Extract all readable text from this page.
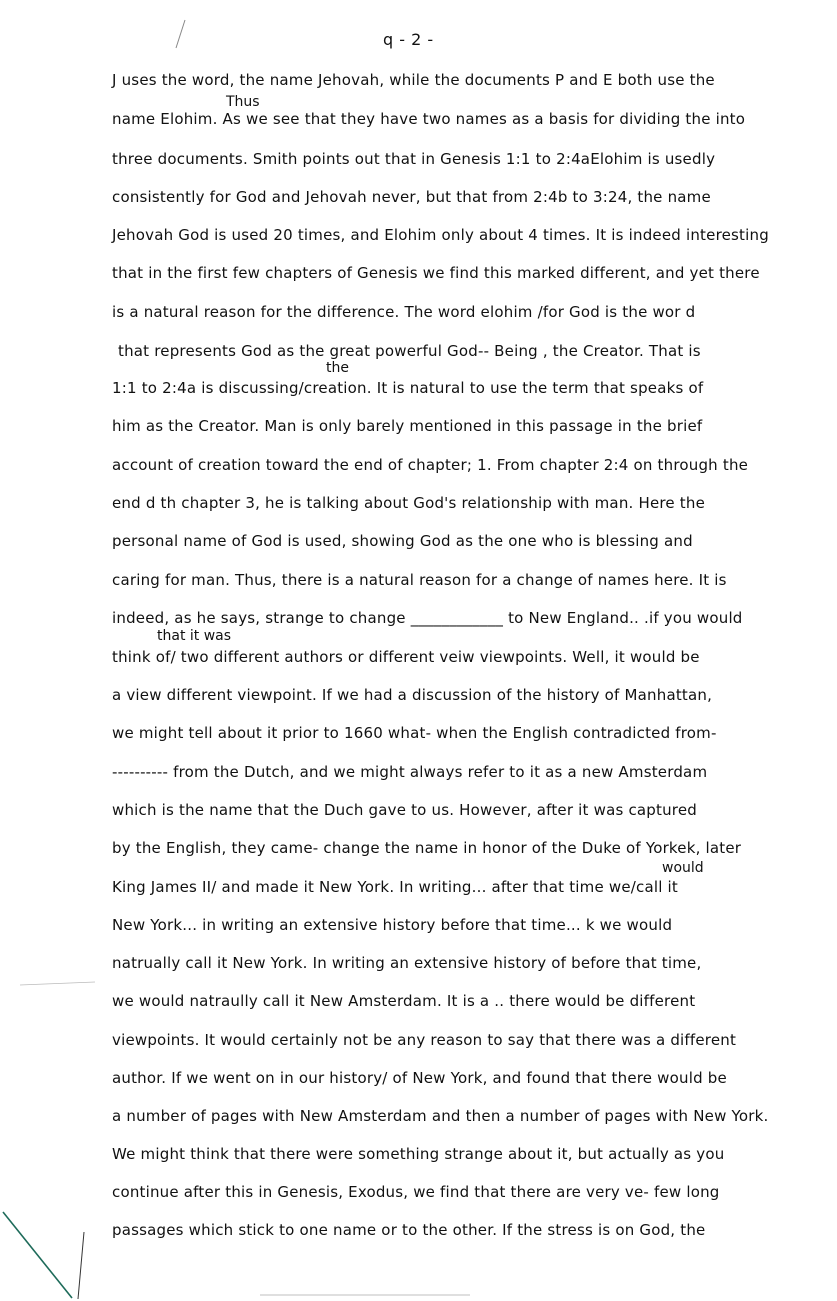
q - 2 -
Thus
the
that it was
would
J uses the word, the name Jehovah, while the documents P and E both use the
name Elohim. As we see that they have two names as a basis for dividing the into
three documents. Smith points out that in Genesis 1:1 to 2:4aElohim is usedly
consistently for God and Jehovah never, but that from 2:4b to 3:24, the name
Jehovah God is used 20 times, and Elohim only about 4 times. It is indeed interesting
that in the first few chapters of Genesis we find this marked different, and yet there
is a natural reason for the difference. The word elohim /for God is the wor d
that represents God as the great powerful God-- Being , the Creator. That is
1:1 to 2:4a is discussing/creation. It is natural to use the term that speaks of
him as the Creator. Man is only barely mentioned in this passage in the brief
account of creation toward the end of chapter; 1. From chapter 2:4 on through the
end d th chapter 3, he is talking about God's relationship with man. Here the
personal name of God is used, showing God as the one who is blessing and
caring for man. Thus, there is a natural reason for a change of names here. It is
indeed, as he says, strange to change ____________ to New England.. .if you would
think of/ two different authors or different veiw viewpoints. Well, it would be
a view different viewpoint. If we had a discussion of the history of Manhattan,
we might tell about it prior to 1660 what- when the English contradicted from-
---------- from the Dutch, and we might always refer to it as a new Amsterdam
which is the name that the Duch gave to us. However, after it was captured
by the English, they came- change the name in honor of the Duke of Yorkek, later
King James II/ and made it New York. In writing... after that time we/call it
New York... in writing an extensive history before that time... k we would
natrually call it New York. In writing an extensive history of before that time,
we would natraully call it New Amsterdam. It is a .. there would be different
viewpoints. It would certainly not be any reason to say that there was a different
author. If we went on in our history/ of New York, and found that there would be
a number of pages with New Amsterdam and then a number of pages with New York.
We might think that there were something strange about it, but actually as you
continue after this in Genesis, Exodus, we find that there are very ve- few long
passages which stick to one name or to the other. If the stress is on God, the
